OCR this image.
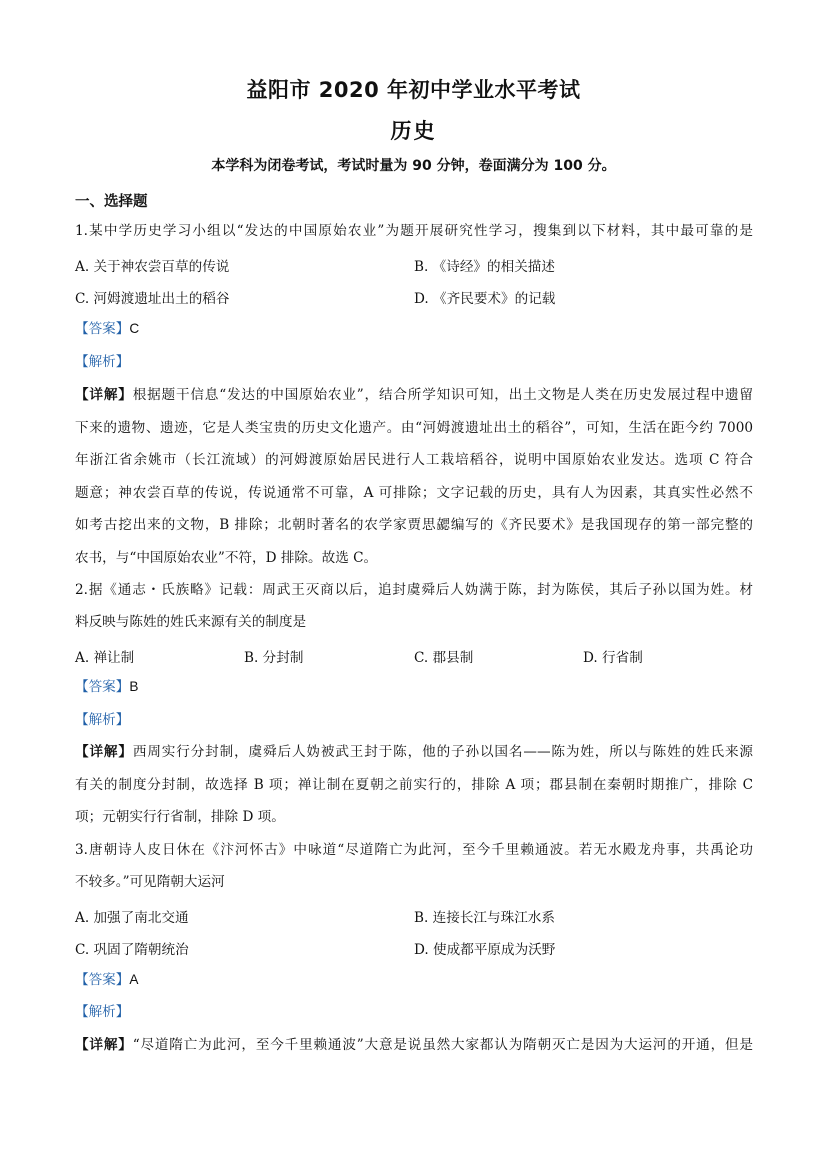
益阳市 2020 年初中学业水平考试
历史
本学科为闭卷考试，考试时量为 90 分钟，卷面满分为 100 分。
一、选择题
1.某中学历史学习小组以“发达的中国原始农业”为题开展研究性学习，搜集到以下材料，其中最可靠的是
A. 关于神农尝百草的传说	B. 《诗经》的相关描述
C. 河姆渡遗址出土的稻谷	D. 《齐民要术》的记载
【答案】C
【解析】
【详解】根据题干信息“发达的中国原始农业”，结合所学知识可知，出土文物是人类在历史发展过程中遗留
下来的遗物、遗迹，它是人类宝贵的历史文化遗产。由“河姆渡遗址出土的稻谷”，可知，生活在距今约 7000
年浙江省余姚市（长江流域）的河姆渡原始居民进行人工栽培稻谷，说明中国原始农业发达。选项 C 符合
题意；神农尝百草的传说，传说通常不可靠，A 可排除；文字记载的历史，具有人为因素，其真实性必然不
如考古挖出来的文物，B 排除；北朝时著名的农学家贾思勰编写的《齐民要术》是我国现存的第一部完整的
农书，与“中国原始农业”不符，D 排除。故选 C。
2.据《通志・氏族略》记载：周武王灭商以后，追封虞舜后人妫满于陈，封为陈侯，其后子孙以国为姓。材
料反映与陈姓的姓氏来源有关的制度是
A. 禅让制	B. 分封制	C. 郡县制	D. 行省制
【答案】B
【解析】
【详解】西周实行分封制，虞舜后人妫被武王封于陈，他的子孙以国名——陈为姓，所以与陈姓的姓氏来源
有关的制度分封制，故选择 B 项；禅让制在夏朝之前实行的，排除 A 项；郡县制在秦朝时期推广，排除 C
项；元朝实行行省制，排除 D 项。
3.唐朝诗人皮日休在《汴河怀古》中咏道“尽道隋亡为此河，至今千里赖通波。若无水殿龙舟事，共禹论功
不较多。”可见隋朝大运河
A. 加强了南北交通	B. 连接长江与珠江水系
C. 巩固了隋朝统治	D. 使成都平原成为沃野
【答案】A
【解析】
【详解】“尽道隋亡为此河，至今千里赖通波”大意是说虽然大家都认为隋朝灭亡是因为大运河的开通，但是
